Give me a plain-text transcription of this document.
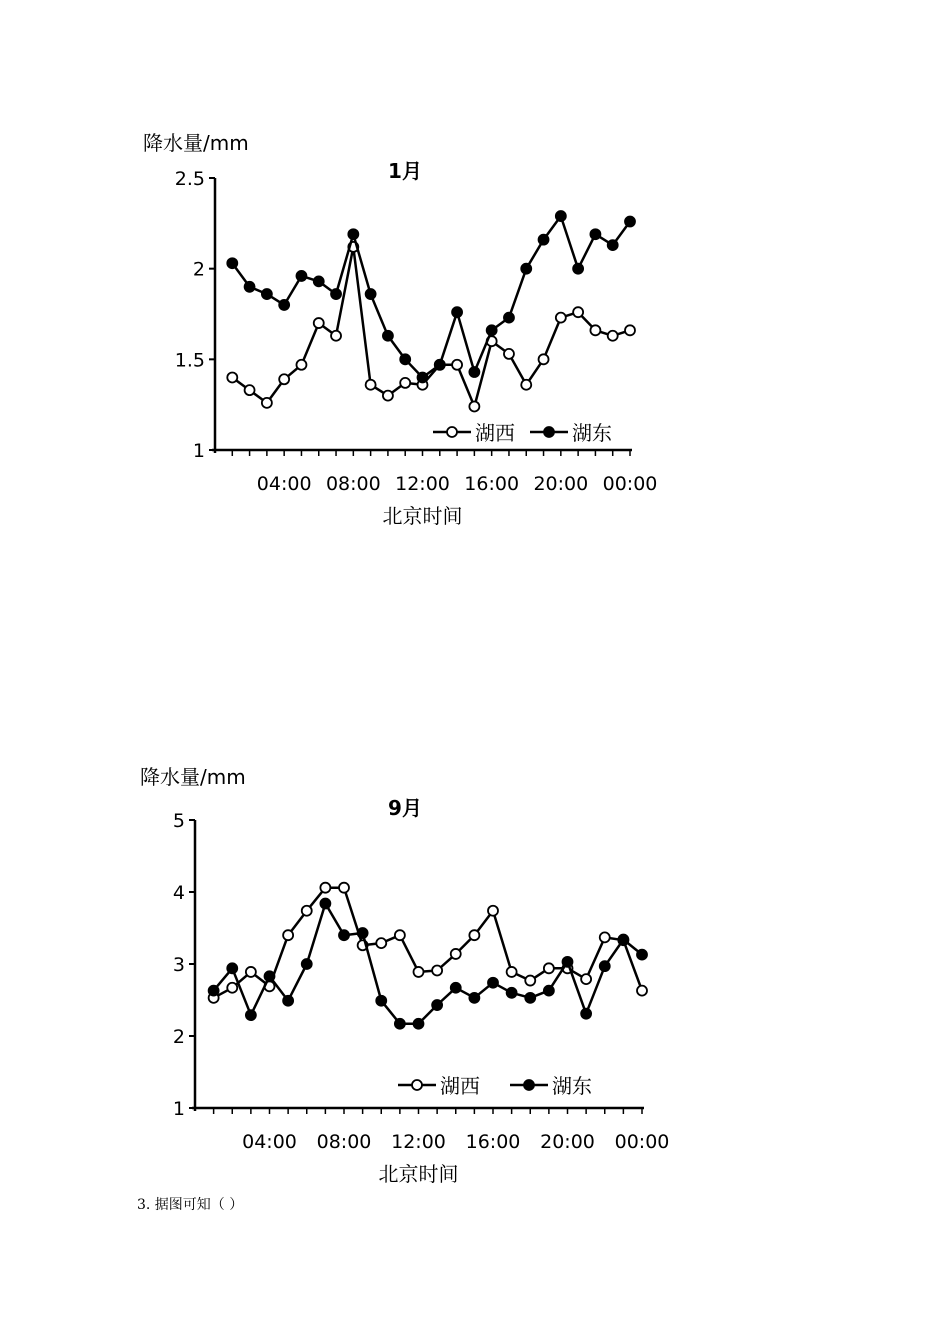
降水量/mm
1月
1
1.5
2
2.5
04:00 08:00 12:00 16:00 20:00 00:00
北京时间
湖西	湖东
降水量/mm
9月
1
2
3
4
5
04:00 08:00 12:00 16:00 20:00 00:00
北京时间
湖西	湖东
3. 据图可知（ ）
